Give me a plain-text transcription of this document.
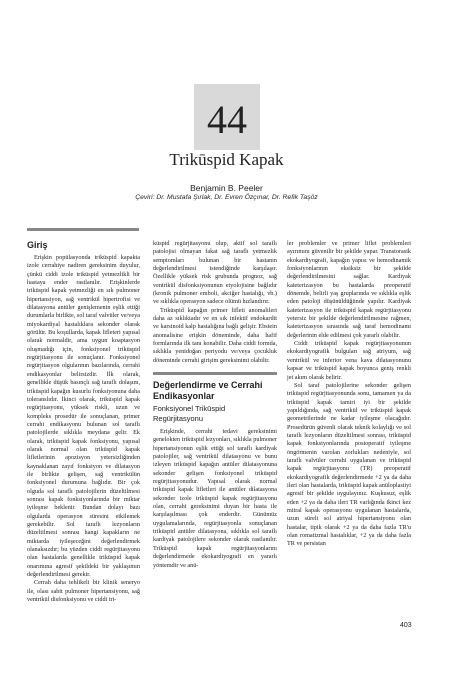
44
Trikūspid Kapak
Benjamin B. Peeler
Çeviri: Dr. Mustafa Şırlak, Dr. Evren Özçınar, Dr. Refik Taşöz
Giriş

Erişkin popülasyonda trikūspid kapakta izole cerrahiye nadiren gereksinim duyulur, çünkü ciddi izole trikūspid yetmezlikli bir hastaya ender rastlanılır. Erişkinlerde trikūspid kapak yetmezliği en sık pulmoner hipertansiyon, sağ ventrikül hipertrofisi ve dilatasyona antüler genişlemenin eşlik ettiği durumlarla birlikte, sol taraf valvüler ve/veya miyokardiyal hastalıklara sekonder olarak görülür. Bu koşullarda, kapak lifleteri yapısal olarak normaldir, ama uygun koaptasyon oluşmadığı için, fonksiyonel trikūspid regürjitasyonu ile sonuçlanır. Fonksiyonel regürjitasyon olgularının bazılarında, cerrahi endikasyonlar belirsizdir. İlk olarak, genellikle düşük basınçlı sağ taraflı dolaşım, trikūspid kapağın kusurlu fonksiyonuna daha toleranslıdır. İkinci olarak, trikūspid kapak regürjitasyonu, yüksek riskli, uzun ve kompleks prosedür ile sonuçlanan, primer cerrahi endikasyonu bulunan sol taraflı patolojilerde sıklıkla meydana gelir. Ek olarak, trikūspid kapak fonksiyonu, yapısal olarak normal olan trikūspid kapak lifletlerinin apozisyon yetersizliğinden kaynaklanan zayıf fonksiyon ve dilatasyon ile birlikte gelişen, sağ ventrikülün fonksiyonel durumuna bağlıdır. Bir çok olguda sol taraflı patolojilerin düzeltilmesi sonrası kapak fonksiyonlarında bir miktar iyileşme beklenir. Bundan dolayı bazı olgularda operasyon süresini etkilemek gerekebilir. Sol taraflı lezyonların düzeltilmesi sonrası hangi kapakların ne miktarda iyileşeceğini değerlendirmek olanaksızdır; bu yüzden ciddi regürjitasyonu olan hastalarda genellikle trikūspid kapak onarımına agresif şekildeki bir yaklaşımın değerlendirilmesi gerekir.

Cerrah daha tehlikeli bir klinik seneryo ile, olası sabit pulmoner hipertansiyonu, sağ ventrikül disfonksiyonu ve ciddi tri-

kūspid regürjitasyonu olup, aktif sol taraflı patolojisi olmayan fakat sağ taraflı yetmezlik semptomları bulunan bir hastanın değerlendirilmesi istendiğinde karşılaşır. Özellikle yüksek risk grubunda prognoz, sağ ventrikül disfonksiyonunun etyolojisine bağlıdır (kronik pulmoner emboli, akciğer hastalığı, vb.) ve sıklıkla operasyon sadece olümü hızlandırır.

Trikūspid kapağın primer lifleti anomalileri daha az sıklıktadır ve en sık infektif endokardit ve karsinoid kalp hastalığına bağlı gelişir. Ebstein anomalisine erişkin döneminde, daha hafif formlarında ilk tanı konabilir. Daha ciddi formda, sıklıkla yenidoğan periyodu ve/veya çocukluk döneminde cerrahi girişim gereksinimi olabilir.

Değerlendirme ve Cerrahi Endikasyonlar
Fonksiyonel Trikūspid Regürjitasyonu

Erişkinde, cerrahi tedavi gereksinimi genelokten trikūspid lezyonları, sıklıkla pulmoner hipertansiyonun eşlik ettiği sol taraflı kardiyak patolojiler, sağ ventrikül dilatasyonu ve bunu izleyen trikūspid kapağın antüler dilatasyonuna sekonder gelişen fonksiyonel trikūspid regürjitasyonudur. Yapısal olarak normal trikūspid kapak lifletleri ile antüler dilatasyona sekonder izole trikūspid kapak regürjitasyonu olan, cerrahi gereksinimi duyan bir hasta ile karşılaşılması çok enderdir. Günümüz uygulamalarında, regürjitasyonla sonuçlanan trikūspid antüler dilatasyona, sıklıkla sol taraflı kardiyak patolojilere sekonder olarak rastlanılır. Trikūspid kapak regürjitasyonlarını değerlendirmede ekokardiyografi en yararlı yöntemdir ve anü-

ler problemler ve primer liflet problemleri ayırımını güvenilir bir şekilde yapar. Transtorasik ekokardiyografi, kapağın yapısı ve hemodinamik fonksiyonlarının eksiksiz bir şekilde değerlendirilmesini sağlar. Kardiyak kateterizasyon bu hastalarda preoperatif dönemde, belirli yaş gruplarında ve sıklıkla eşlik eden patoloji düşünüldüğünde yapılır. Kardiyak kateterizasyon ile trikūspid kapak regürjitasyonu yetersiz bir şekilde değerlendirilmesine rağmen, kateterizasyon sırasında sağ taraf hemodinamı değerlerinin elde edilmesi çok yararlı olabilir.

Ciddi trikūspid kapak regürjitasyonunun ekokardiyografik bulguları sağ atriyum, sağ ventrikül ve inferior vena kava dilatasyonunu kapsar ve trikūspid kapak boyunca geniş renkli jet akım olarak belirir.

Sol taraf patolojilerine sekonder gelişen trikūspid regürjitasyonunda sonu, tamamen ya da trikūspid kapak tamiri iyi bir şekilde yapıldığında, sağ ventrikül ve trikūspid kapak geometrilerinde ne kadar iyileşme olacağıdır. Prosedürün güvenli olarak teknik kolaylığı ve sol taraflı lezyonların düzeltilmesi sonrası, trikūspid kapak fonksiyonlarında postoperatif iyileşme öngörmenin varolan zorlukları nedeniyle, sol taraflı valvüler cerrahi uygulanan ve trikūspid kapak regürjitasyonu (TR) preoperatif ekokardiyografik değerlendirmede +2 ya da daha ileri olan hastalarda, trikūspid kapak anüloplastiyi agresif bir şekilde uygulayınız. Kuşkusuz, eşlik eden +2 ya da daha ileri TR varlığında ikinci kez mitral kapak operasyonu uygulanan hastalarda, uzun süreli sol atriyal hipertansiyonu olan hastalar, tipik olarak +2 ya da daha fazla TR'u olan romatizmal hastalıklar, +2 ya da daha fazla TR ve persistan

403
